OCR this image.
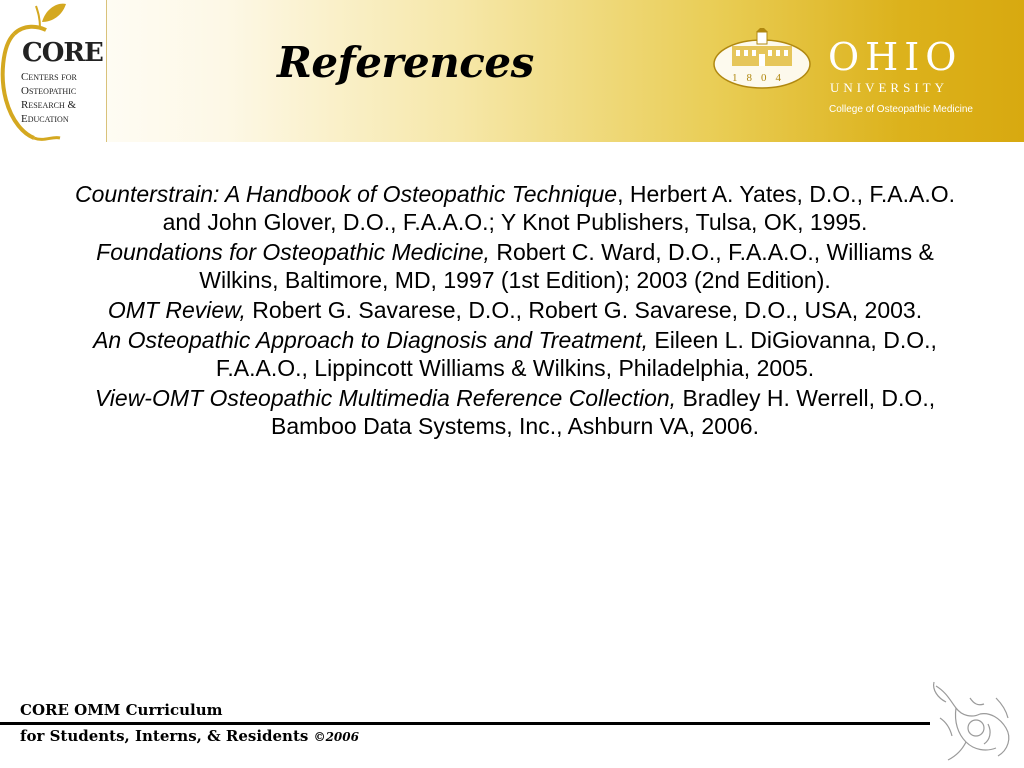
CORE
Centers for
Osteopathic
Research &
Education
References	1804 OHIO
UNIVERSITY
College of Osteopathic Medicine

Counterstrain: A Handbook of Osteopathic Technique, Herbert A. Yates, D.O., F.A.A.O. and John Glover, D.O., F.A.A.O.; Y Knot Publishers, Tulsa, OK, 1995.

Foundations for Osteopathic Medicine, Robert C. Ward, D.O., F.A.A.O., Williams & Wilkins, Baltimore, MD, 1997 (1st Edition); 2003 (2nd Edition).

OMT Review, Robert G. Savarese, D.O., Robert G. Savarese, D.O., USA, 2003.

An Osteopathic Approach to Diagnosis and Treatment, Eileen L. DiGiovanna, D.O., F.A.A.O., Lippincott Williams & Wilkins, Philadelphia, 2005.

View-OMT Osteopathic Multimedia Reference Collection, Bradley H. Werrell, D.O., Bamboo Data Systems, Inc., Ashburn VA, 2006.

CORE OMM Curriculum
for Students, Interns, & Residents ©2006
